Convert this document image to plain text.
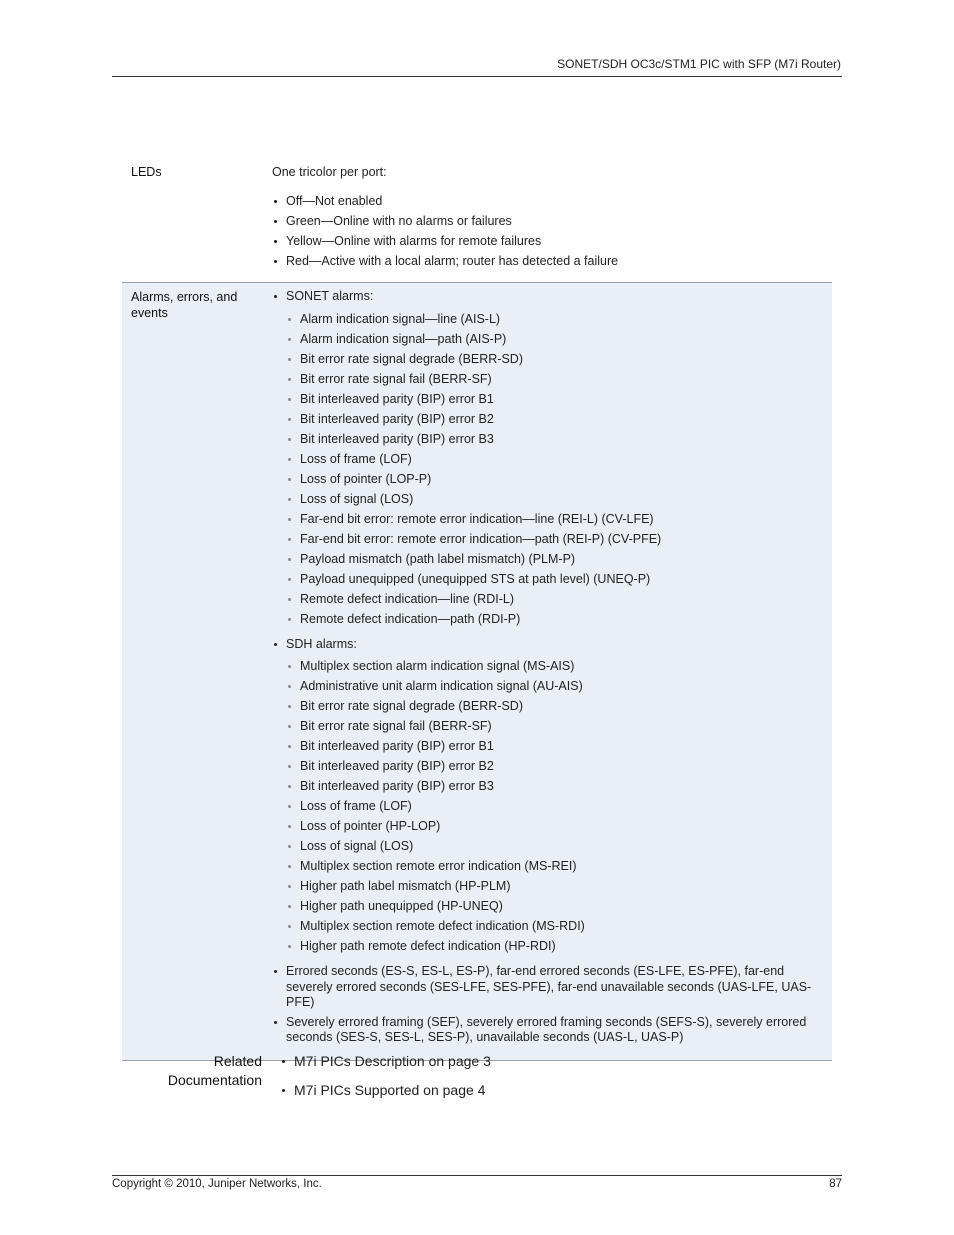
SONET/SDH OC3c/STM1 PIC with SFP (M7i Router)
LEDs	One tricolor per port:
Off—Not enabled
Green—Online with no alarms or failures
Yellow—Online with alarms for remote failures
Red—Active with a local alarm; router has detected a failure
Alarms, errors, and events
SONET alarms:
Alarm indication signal—line (AIS-L)
Alarm indication signal—path (AIS-P)
Bit error rate signal degrade (BERR-SD)
Bit error rate signal fail (BERR-SF)
Bit interleaved parity (BIP) error B1
Bit interleaved parity (BIP) error B2
Bit interleaved parity (BIP) error B3
Loss of frame (LOF)
Loss of pointer (LOP-P)
Loss of signal (LOS)
Far-end bit error: remote error indication—line (REI-L) (CV-LFE)
Far-end bit error: remote error indication—path (REI-P) (CV-PFE)
Payload mismatch (path label mismatch) (PLM-P)
Payload unequipped (unequipped STS at path level) (UNEQ-P)
Remote defect indication—line (RDI-L)
Remote defect indication—path (RDI-P)
SDH alarms:
Multiplex section alarm indication signal (MS-AIS)
Administrative unit alarm indication signal (AU-AIS)
Bit error rate signal degrade (BERR-SD)
Bit error rate signal fail (BERR-SF)
Bit interleaved parity (BIP) error B1
Bit interleaved parity (BIP) error B2
Bit interleaved parity (BIP) error B3
Loss of frame (LOF)
Loss of pointer (HP-LOP)
Loss of signal (LOS)
Multiplex section remote error indication (MS-REI)
Higher path label mismatch (HP-PLM)
Higher path unequipped (HP-UNEQ)
Multiplex section remote defect indication (MS-RDI)
Higher path remote defect indication (HP-RDI)
Errored seconds (ES-S, ES-L, ES-P), far-end errored seconds (ES-LFE, ES-PFE), far-end severely errored seconds (SES-LFE, SES-PFE), far-end unavailable seconds (UAS-LFE, UAS-PFE)
Severely errored framing (SEF), severely errored framing seconds (SEFS-S), severely errored seconds (SES-S, SES-L, SES-P), unavailable seconds (UAS-L, UAS-P)
Related
Documentation
M7i PICs Description on page 3
M7i PICs Supported on page 4
Copyright © 2010, Juniper Networks, Inc.	87
